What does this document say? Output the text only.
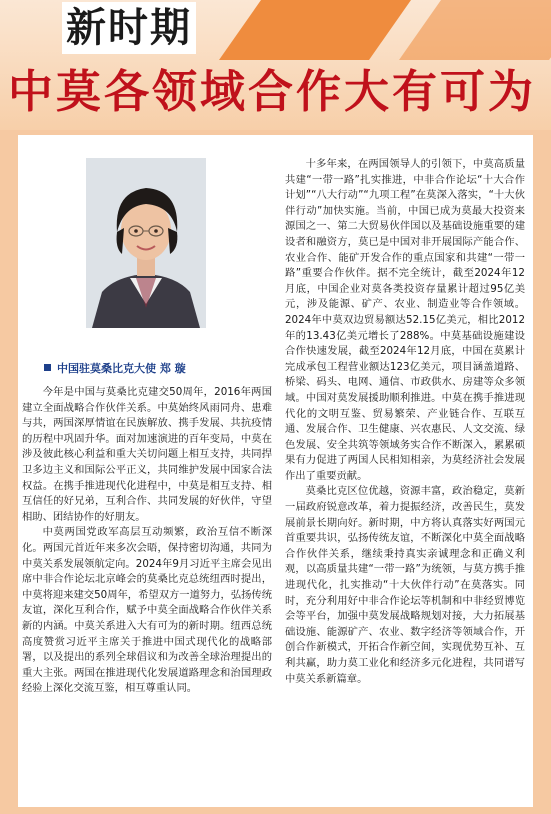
新时期
中莫各领域合作大有可为
中国驻莫桑比克大使 郑 璇

今年是中国与莫桑比克建交50周年，2016年两国建立全面战略合作伙伴关系。中莫始终风雨同舟、患难与共，两国深厚情谊在民族解放、携手发展、共抗疫情的历程中巩固升华。面对加速演进的百年变局，中莫在涉及彼此核心利益和重大关切问题上相互支持，共同捍卫多边主义和国际公平正义，共同维护发展中国家合法权益。在携手推进现代化进程中，中莫是相互支持、相互信任的好兄弟，互利合作、共同发展的好伙伴，守望相助、团结协作的好朋友。

中莫两国党政军高层互动频繁，政治互信不断深化。两国元首近年来多次会晤，保持密切沟通，共同为中莫关系发展领航定向。2024年9月习近平主席会见出席中非合作论坛北京峰会的莫桑比克总统纽西时提出，中莫将迎来建交50周年，希望双方一道努力，弘扬传统友谊，深化互利合作，赋予中莫全面战略合作伙伴关系新的内涵。中莫关系进入大有可为的新时期。纽西总统高度赞赏习近平主席关于推进中国式现代化的战略部署，以及提出的系列全球倡议和为改善全球治理提出的重大主张。两国在推进现代化发展道路理念和治国理政经验上深化交流互鉴，相互尊重认同。

十多年来，在两国领导人的引领下，中莫高质量共建“一带一路”扎实推进，中非合作论坛“十大合作计划”“八大行动”“九项工程”在莫深入落实，“十大伙伴行动”加快实施。当前，中国已成为莫最大投资来源国之一、第二大贸易伙伴国以及基础设施重要的建设者和融资方，莫已是中国对非开展国际产能合作、农业合作、能矿开发合作的重点国家和共建“一带一路”重要合作伙伴。据不完全统计，截至2024年12月底，中国企业对莫各类投资存量累计超过95亿美元，涉及能源、矿产、农业、制造业等合作领域。2024年中莫双边贸易额达52.15亿美元，相比2012年的13.43亿美元增长了288%。中莫基础设施建设合作快速发展，截至2024年12月底，中国在莫累计完成承包工程营业额达123亿美元，项目涵盖道路、桥梁、码头、电网、通信、市政供水、房建等众多领域。中国对莫发展援助顺利推进。中莫在携手推进现代化的文明互鉴、贸易繁荣、产业链合作、互联互通、发展合作、卫生健康、兴农惠民、人文交流、绿色发展、安全共筑等领域务实合作不断深入，累累硕果有力促进了两国人民相知相亲，为莫经济社会发展作出了重要贡献。

莫桑比克区位优越，资源丰富，政治稳定，莫新一届政府锐意改革，着力提振经济，改善民生，莫发展前景长期向好。新时期，中方将认真落实好两国元首重要共识，弘扬传统友谊，不断深化中莫全面战略合作伙伴关系，继续秉持真实亲诚理念和正确义利观，以高质量共建“一带一路”为统领，与莫方携手推进现代化，扎实推动“十大伙伴行动”在莫落实。同时，充分利用好中非合作论坛等机制和中非经贸博览会等平台，加强中莫发展战略规划对接，大力拓展基础设施、能源矿产、农业、数字经济等领域合作，开创合作新模式，开拓合作新空间，实现优势互补、互利共赢，助力莫工业化和经济多元化进程，共同谱写中莫关系新篇章。
